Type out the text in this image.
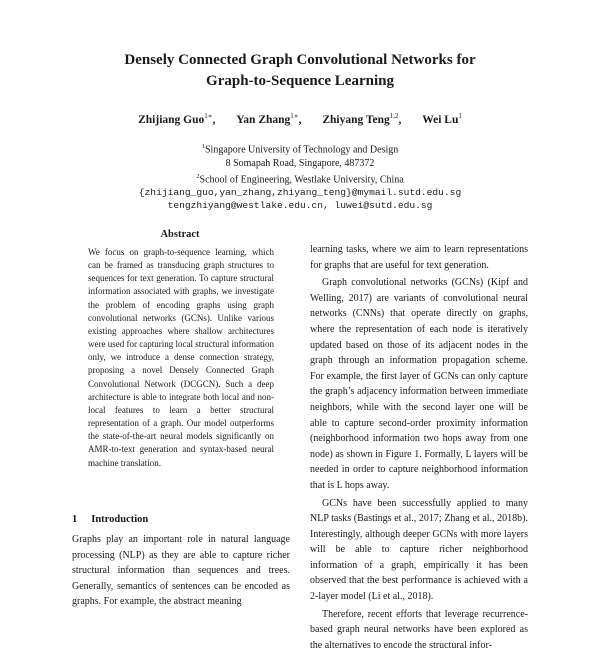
Densely Connected Graph Convolutional Networks for
Graph-to-Sequence Learning
Zhijiang Guo$^{1∗}$, Yan Zhang$^{1∗}$, Zhiyang Teng$^{1,2}$, Wei Lu$^1$
$^1$Singapore University of Technology and Design
8 Somapah Road, Singapore, 487372
$^2$School of Engineering, Westlake University, China
{zhijiang_guo,yan_zhang,zhiyang_teng}@mymail.sutd.edu.sg
tengzhiyang@westlake.edu.cn, luwei@sutd.edu.sg
Abstract
We focus on graph-to-sequence learning, which can be framed as transducing graph structures to sequences for text generation. To capture structural information associated with graphs, we investigate the problem of encoding graphs using graph convolutional networks (GCNs). Unlike various existing approaches where shallow architectures were used for capturing local structural information only, we introduce a dense connection strategy, proposing a novel Densely Connected Graph Convolutional Network (DCGCN). Such a deep architecture is able to integrate both local and non-local features to learn a better structural representation of a graph. Our model outperforms the state-of-the-art neural models significantly on AMR-to-text generation and syntax-based neural machine translation.
1 Introduction

Graphs play an important role in natural language processing (NLP) as they are able to capture richer structural information than sequences and trees. Generally, semantics of sentences can be encoded as graphs. For example, the abstract meaning

learning tasks, where we aim to learn representations for graphs that are useful for text generation.

Graph convolutional networks (GCNs) (Kipf and Welling, 2017) are variants of convolutional neural networks (CNNs) that operate directly on graphs, where the representation of each node is iteratively updated based on those of its adjacent nodes in the graph through an information propagation scheme. For example, the first layer of GCNs can only capture the graph’s adjacency information between immediate neighbors, while with the second layer one will be able to capture second-order proximity information (neighborhood information two hops away from one node) as shown in Figure 1. Formally, L layers will be needed in order to capture neighborhood information that is L hops away.

GCNs have been successfully applied to many NLP tasks (Bastings et al., 2017; Zhang et al., 2018b). Interestingly, although deeper GCNs with more layers will be able to capture richer neighborhood information of a graph, empirically it has been observed that the best performance is achieved with a 2-layer model (Li et al., 2018).

Therefore, recent efforts that leverage recurrence-based graph neural networks have been explored as the alternatives to encode the structural infor-
